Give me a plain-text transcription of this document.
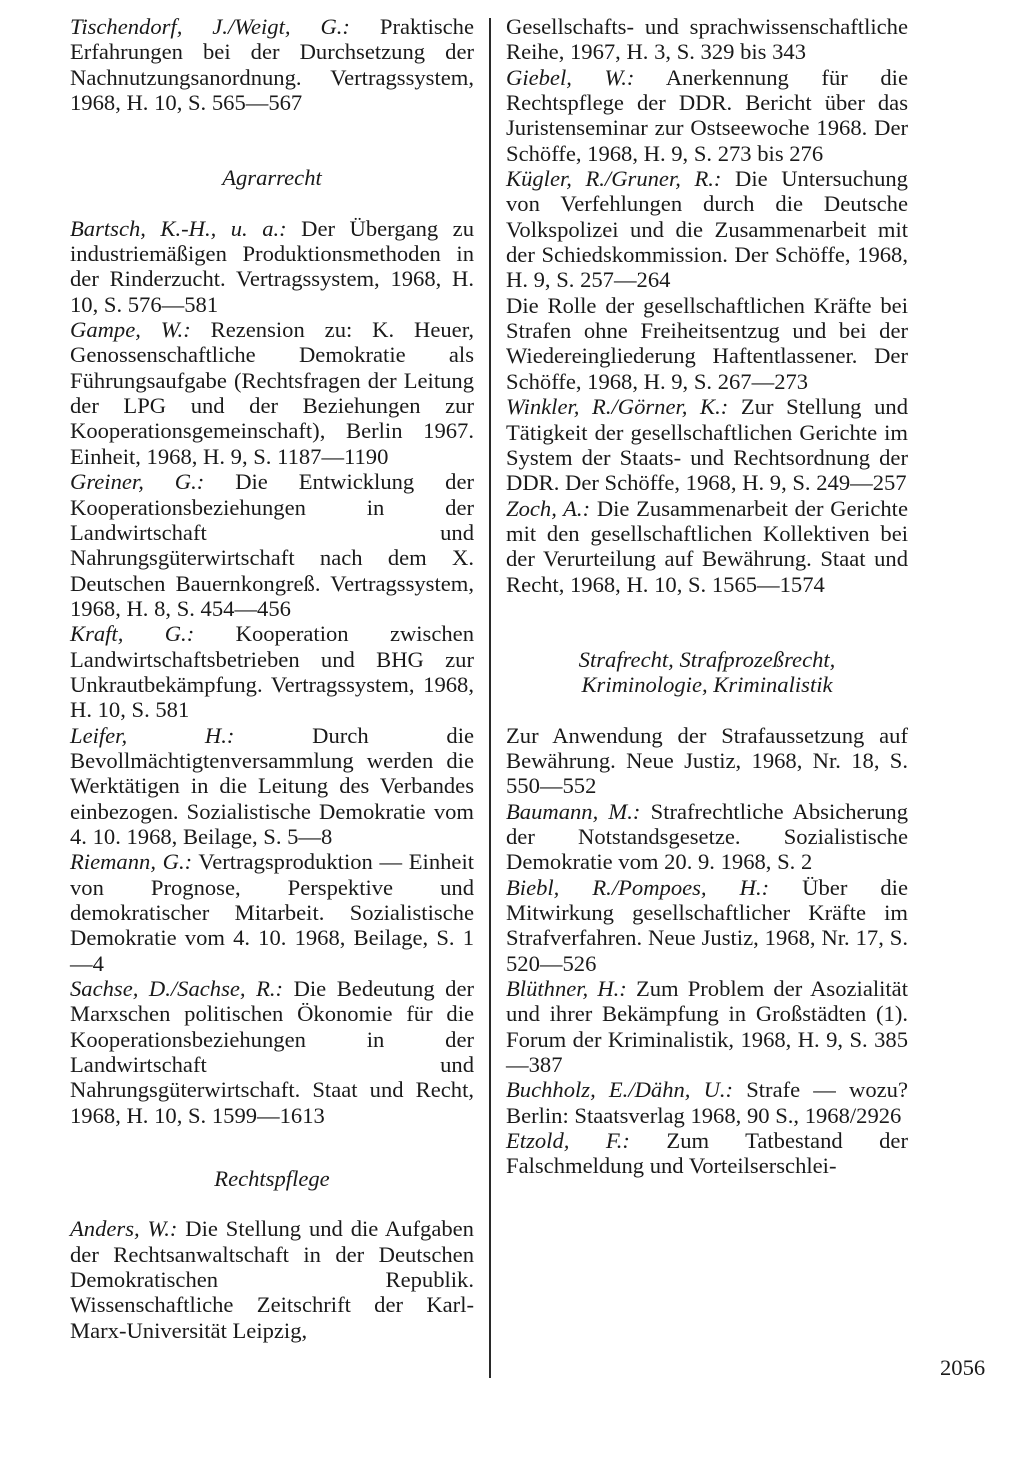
Tischendorf, J./Weigt, G.: Praktische Erfahrungen bei der Durchsetzung der Nachnutzungsanordnung. Vertragssystem, 1968, H. 10, S. 565—567

Agrarrecht

Bartsch, K.-H., u. a.: Der Übergang zu industriemäßigen Produktionsmethoden in der Rinderzucht. Vertragssystem, 1968, H. 10, S. 576—581
Gampe, W.: Rezension zu: K. Heuer, Genossenschaftliche Demokratie als Führungsaufgabe (Rechtsfragen der Leitung der LPG und der Beziehungen zur Kooperationsgemeinschaft), Berlin 1967. Einheit, 1968, H. 9, S. 1187—1190
Greiner, G.: Die Entwicklung der Kooperationsbeziehungen in der Landwirtschaft und Nahrungsgüterwirtschaft nach dem X. Deutschen Bauernkongreß. Vertragssystem, 1968, H. 8, S. 454—456
Kraft, G.: Kooperation zwischen Landwirtschaftsbetrieben und BHG zur Unkrautbekämpfung. Vertragssystem, 1968, H. 10, S. 581
Leifer, H.:	Durch die Bevollmächtigtenversammlung werden die Werktätigen in die Leitung des Verbandes einbezogen. Sozialistische Demokratie vom 4. 10. 1968, Beilage, S. 5—8
Riemann, G.: Vertragsproduktion — Einheit von Prognose, Perspektive und demokratischer Mitarbeit. Sozialistische Demokratie vom 4. 10. 1968, Beilage, S. 1—4
Sachse, D./Sachse, R.: Die Bedeutung der Marxschen politischen Ökonomie für die Kooperationsbeziehungen in der Landwirtschaft und Nahrungsgüterwirtschaft. Staat und Recht, 1968, H. 10, S. 1599—1613

Rechtspflege

Anders, W.: Die Stellung und die Aufgaben der Rechtsanwaltschaft in der Deutschen Demokratischen Republik. Wissenschaftliche Zeitschrift der Karl-Marx-Universität Leipzig,
Gesellschafts- und sprachwissenschaftliche Reihe, 1967, H. 3, S. 329 bis 343
Giebel, W.: Anerkennung für die Rechtspflege der DDR. Bericht über das Juristenseminar zur Ostseewoche 1968. Der Schöffe, 1968, H. 9, S. 273 bis 276
Kügler, R./Gruner, R.: Die Untersuchung von Verfehlungen durch die Deutsche Volkspolizei und die Zusammenarbeit mit der Schiedskommission. Der Schöffe, 1968, H. 9, S. 257—264
Die Rolle der gesellschaftlichen Kräfte bei Strafen ohne Freiheitsentzug und bei der Wiedereingliederung Haftentlassener. Der Schöffe, 1968, H. 9, S. 267—273
Winkler, R./Görner, K.: Zur Stellung und Tätigkeit der gesellschaftlichen Gerichte im System der Staats- und Rechtsordnung der DDR. Der Schöffe, 1968, H. 9, S. 249—257
Zoch, A.: Die Zusammenarbeit der Gerichte mit den gesellschaftlichen Kollektiven bei der Verurteilung auf Bewährung. Staat und Recht, 1968, H. 10, S. 1565—1574

Strafrecht, Strafprozeßrecht,

Kriminologie, Kriminalistik

Zur Anwendung der Strafaussetzung auf Bewährung. Neue Justiz, 1968, Nr. 18, S. 550—552
Baumann, M.: Strafrechtliche Absicherung der Notstandsgesetze. Sozialistische Demokratie vom 20. 9. 1968, S. 2
Biebl, R./Pompoes, H.: Über die Mitwirkung gesellschaftlicher Kräfte im Strafverfahren. Neue Justiz, 1968, Nr. 17, S. 520—526
Blüthner, H.: Zum Problem der Asozialität und ihrer Bekämpfung in Großstädten (1). Forum der Kriminalistik, 1968, H. 9, S. 385—387
Buchholz, E./Dähn, U.: Strafe — wozu? Berlin: Staatsverlag 1968, 90 S., 1968/2926
Etzold, F.: Zum Tatbestand der Falschmeldung und Vorteilserschlei-
2056
